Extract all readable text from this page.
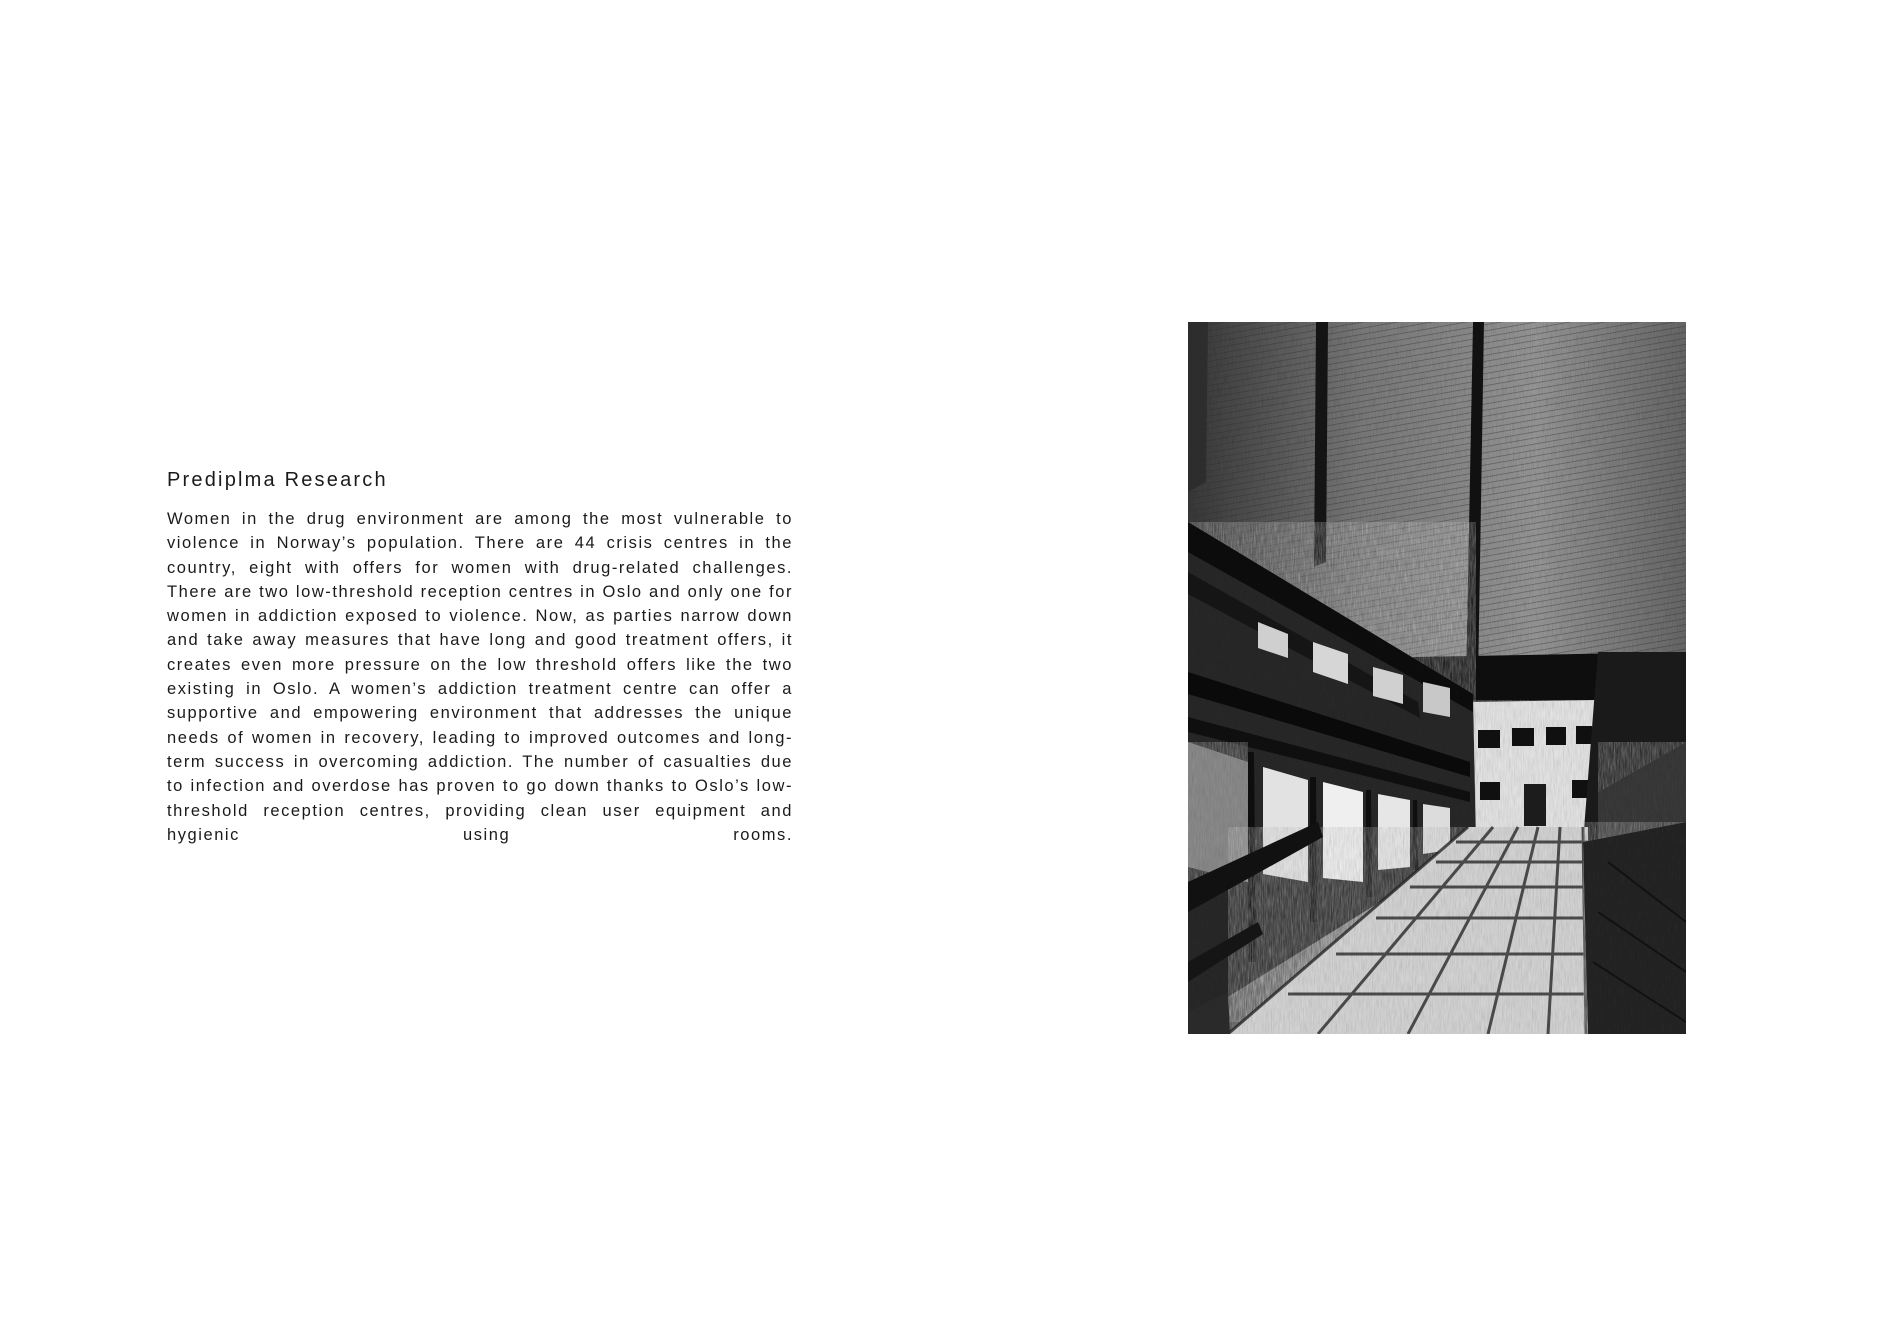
Prediplma Research

Women in the drug environment are among the most vulnerable to violence in Norway’s population. There are 44 crisis centres in the country, eight with offers for women with drug-related challenges. There are two low-threshold reception centres in Oslo and only one for women in addiction exposed to violence. Now, as parties narrow down and take away measures that have long and good treatment offers, it creates even more pressure on the low threshold offers like the two existing in Oslo. A women’s addiction treatment centre can offer a supportive and empowering environment that addresses the unique needs of women in recovery, leading to improved outcomes and long-term success in overcoming addiction. The number of casualties due to infection and overdose has proven to go down thanks to Oslo’s low-threshold reception centres, providing clean user equipment and hygienic using rooms.
